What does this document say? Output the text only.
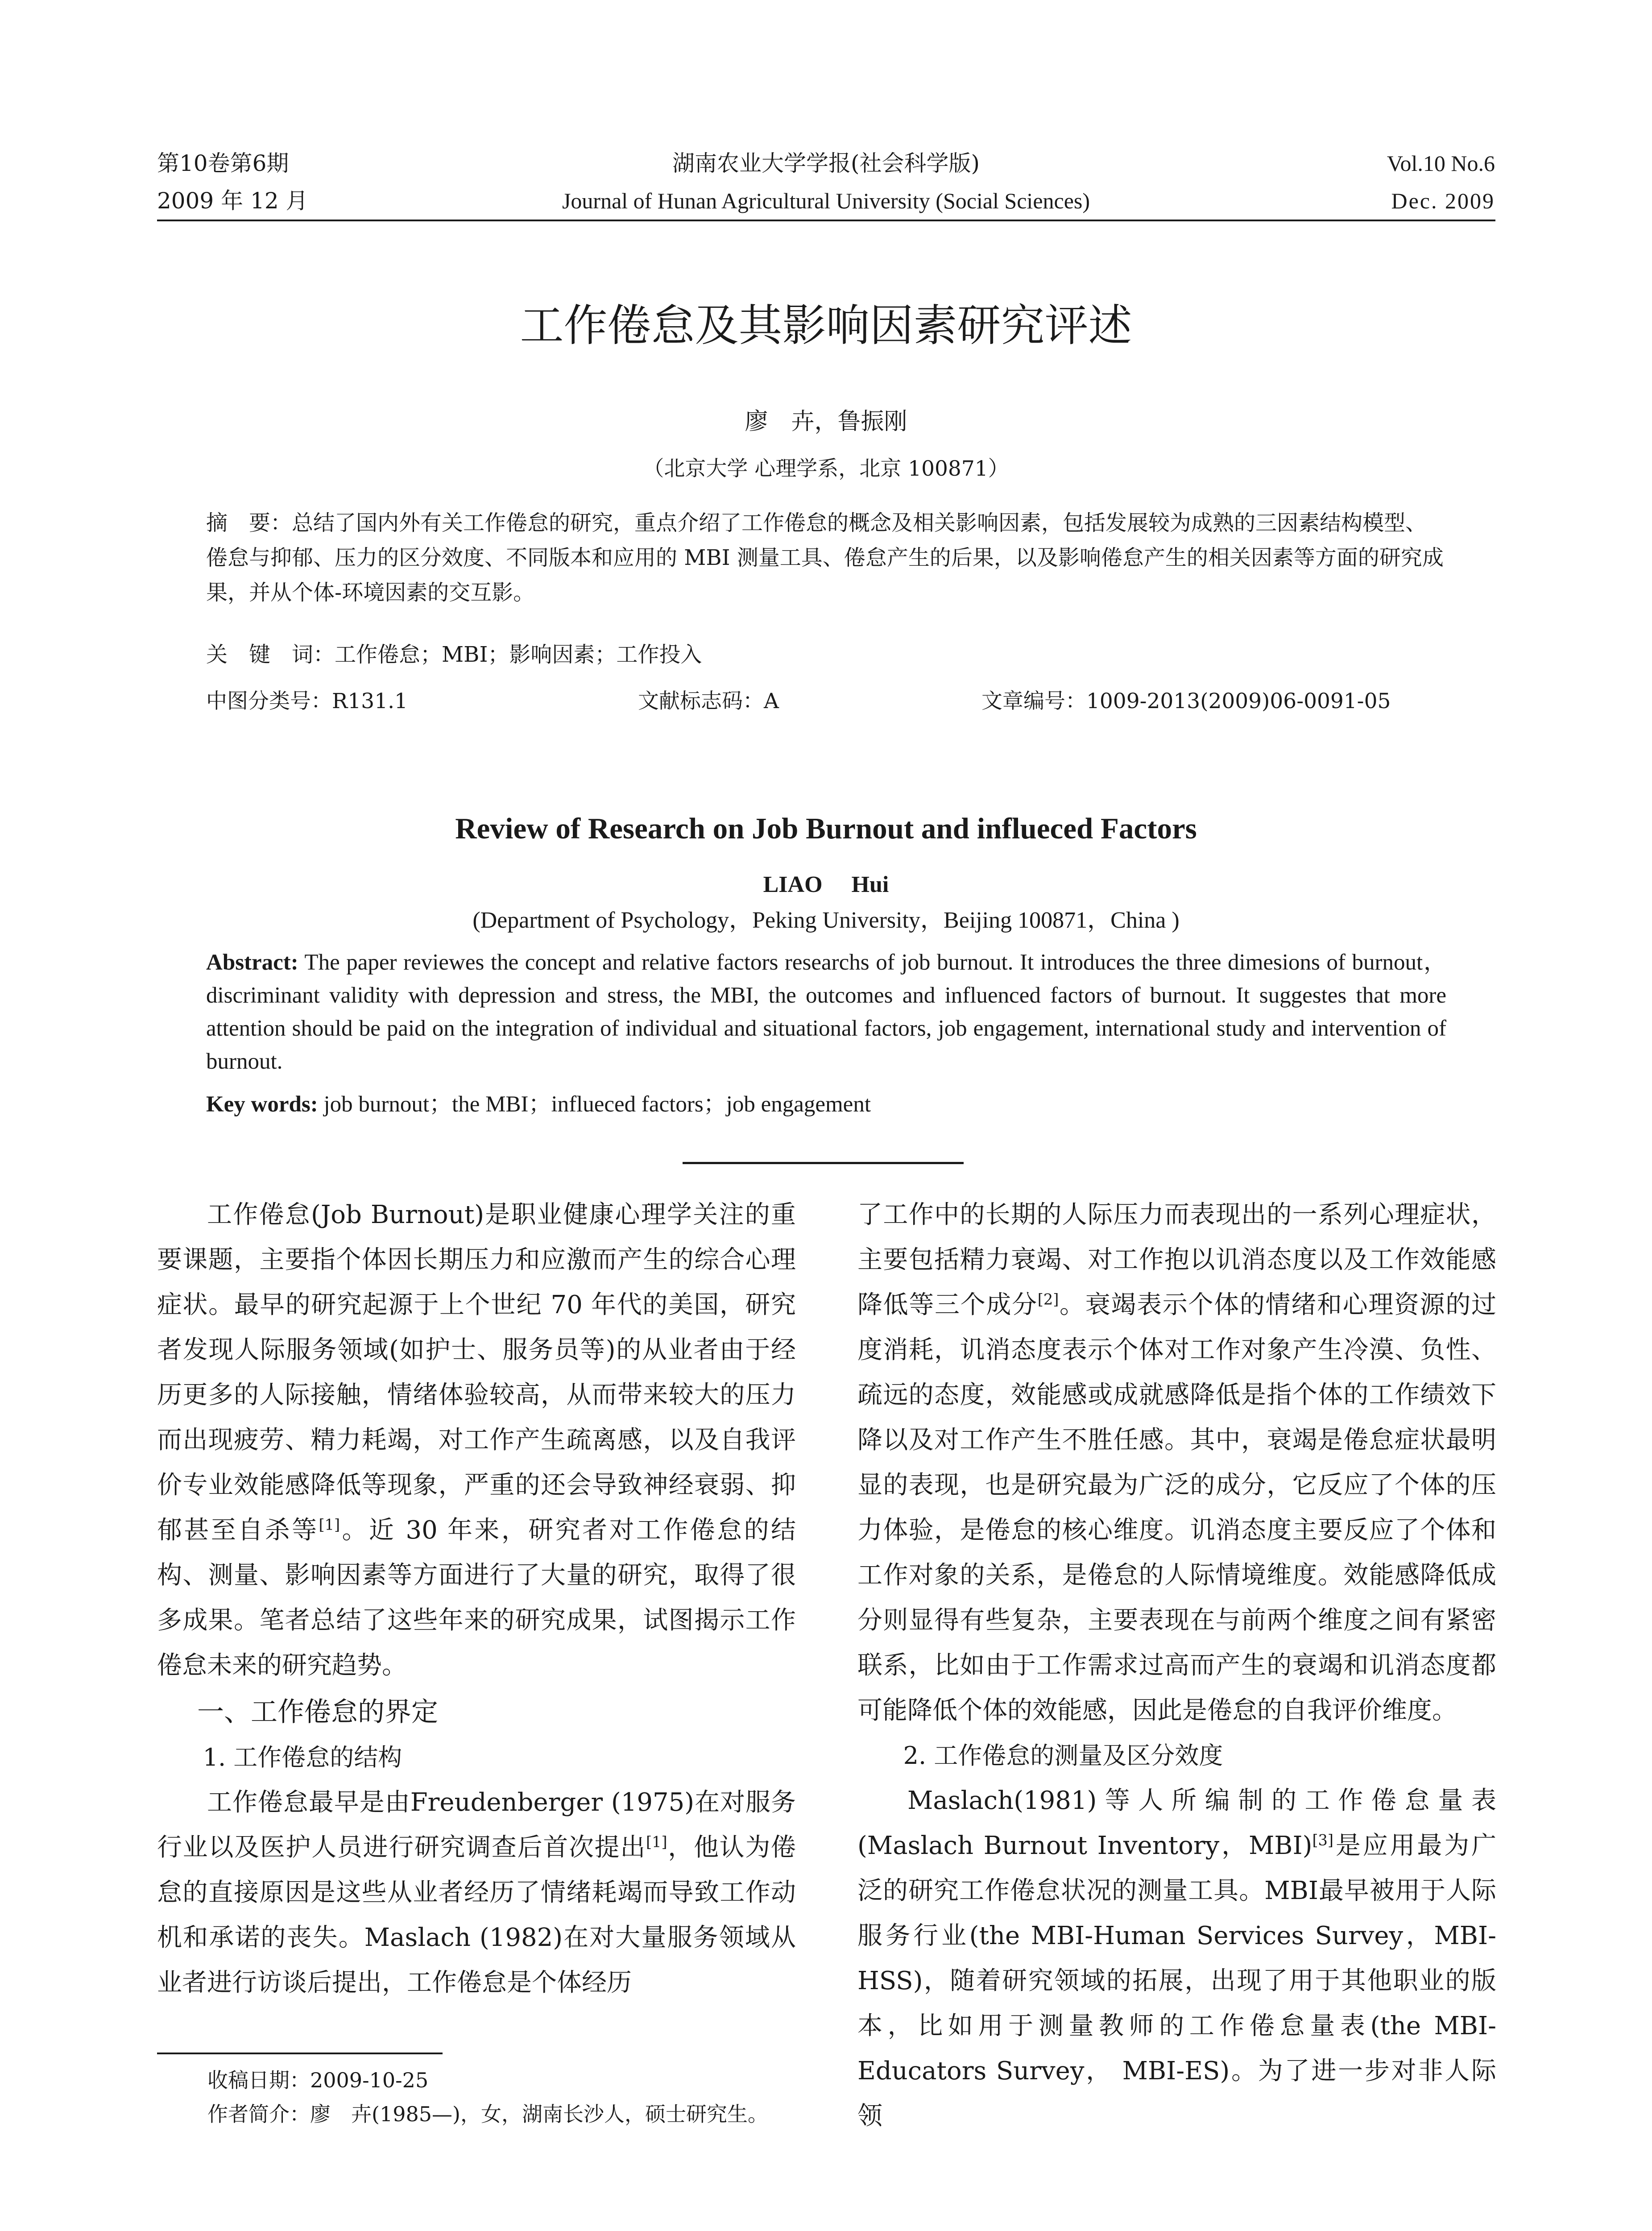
第10卷第6期
2009 年 12 月
湖南农业大学学报(社会科学版)
Journal of Hunan Agricultural University (Social Sciences)
Vol.10 No.6
Dec. 2009
工作倦怠及其影响因素研究评述
廖　卉，鲁振刚
（北京大学 心理学系，北京 100871）
摘　要：总结了国内外有关工作倦怠的研究，重点介绍了工作倦怠的概念及相关影响因素，包括发展较为成熟的三因素结构模型、倦怠与抑郁、压力的区分效度、不同版本和应用的 MBI 测量工具、倦怠产生的后果，以及影响倦怠产生的相关因素等方面的研究成果，并从个体-环境因素的交互影。
关　键　词：工作倦怠；MBI；影响因素；工作投入
中图分类号：R131.1	文献标志码：A	文章编号：1009-2013(2009)06-0091-05
Review of Research on Job Burnout and influeced Factors
LIAO　 Hui
(Department of Psychology，Peking University，Beijing 100871，China )
Abstract: The paper reviewes the concept and relative factors researchs of job burnout. It introduces the three dimesions of burnout，discriminant validity with depression and stress, the MBI, the outcomes and influenced factors of burnout. It suggestes that more attention should be paid on the integration of individual and situational factors, job engagement, international study and intervention of burnout.
Key words: job burnout；the MBI；influeced factors；job engagement

工作倦怠(Job Burnout)是职业健康心理学关注的重要课题，主要指个体因长期压力和应激而产生的综合心理症状。最早的研究起源于上个世纪 70 年代的美国，研究者发现人际服务领域(如护士、服务员等)的从业者由于经历更多的人际接触，情绪体验较高，从而带来较大的压力而出现疲劳、精力耗竭，对工作产生疏离感，以及自我评价专业效能感降低等现象，严重的还会导致神经衰弱、抑郁甚至自杀等[1]。近 30 年来，研究者对工作倦怠的结构、测量、影响因素等方面进行了大量的研究，取得了很多成果。笔者总结了这些年来的研究成果，试图揭示工作倦怠未来的研究趋势。

一、工作倦怠的界定
1. 工作倦怠的结构

工作倦怠最早是由Freudenberger (1975)在对服务行业以及医护人员进行研究调查后首次提出[1]，他认为倦怠的直接原因是这些从业者经历了情绪耗竭而导致工作动机和承诺的丧失。Maslach (1982)在对大量服务领域从业者进行访谈后提出，工作倦怠是个体经历

了工作中的长期的人际压力而表现出的一系列心理症状，主要包括精力衰竭、对工作抱以讥消态度以及工作效能感降低等三个成分[2]。衰竭表示个体的情绪和心理资源的过度消耗，讥消态度表示个体对工作对象产生冷漠、负性、疏远的态度，效能感或成就感降低是指个体的工作绩效下降以及对工作产生不胜任感。其中，衰竭是倦怠症状最明显的表现，也是研究最为广泛的成分，它反应了个体的压力体验，是倦怠的核心维度。讥消态度主要反应了个体和工作对象的关系，是倦怠的人际情境维度。效能感降低成分则显得有些复杂，主要表现在与前两个维度之间有紧密联系，比如由于工作需求过高而产生的衰竭和讥消态度都可能降低个体的效能感，因此是倦怠的自我评价维度。

2. 工作倦怠的测量及区分效度

Maslach(1981) 等 人 所 编 制 的 工 作 倦 怠 量 表 (Maslach Burnout Inventory，MBI)[3]是应用最为广泛的研究工作倦怠状况的测量工具。MBI最早被用于人际服务行业(the MBI-Human Services Survey，MBI-HSS)，随着研究领域的拓展，出现了用于其他职业的版本，比如用于测量教师的工作倦怠量表(the MBI-Educators Survey， MBI-ES)。为了进一步对非人际领

收稿日期：2009-10-25
作者简介：廖　卉(1985—)，女，湖南长沙人，硕士研究生。
